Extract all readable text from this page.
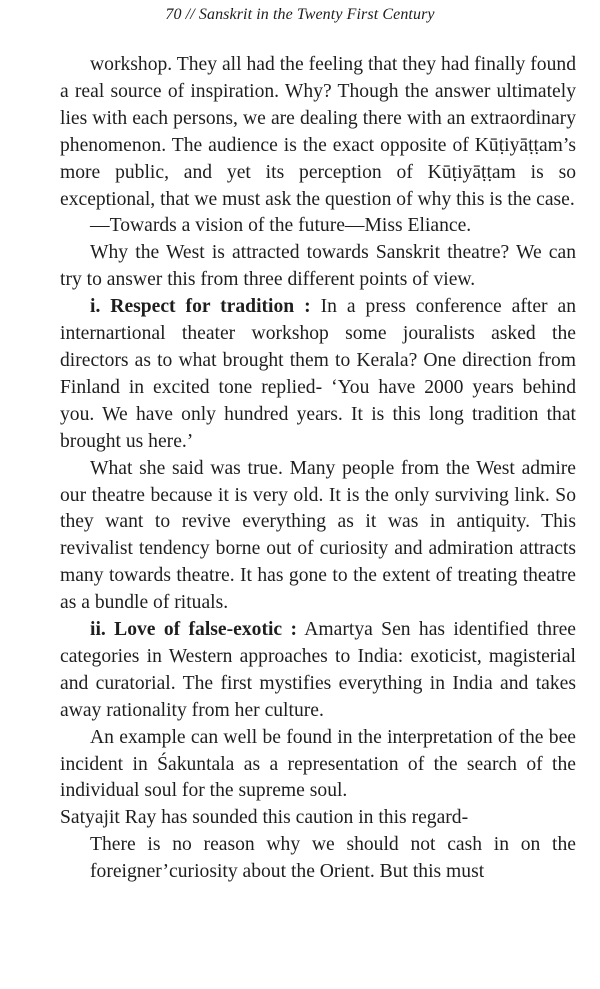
70 // Sanskrit in the Twenty First Century

workshop. They all had the feeling that they had finally found a real source of inspiration. Why? Though the answer ultimately lies with each persons, we are dealing there with an extraordinary phenomenon. The audience is the exact opposite of Kūṭiyāṭṭam’s more public, and yet its perception of Kūṭiyāṭṭam is so exceptional, that we must ask the question of why this is the case.

—Towards a vision of the future—Miss Eliance.

Why the West is attracted towards Sanskrit theatre? We can try to answer this from three different points of view.

i. Respect for tradition : In a press conference after an internartional theater workshop some jouralists asked the directors as to what brought them to Kerala? One direction from Finland in excited tone replied- ‘You have 2000 years behind you. We have only hundred years. It is this long tradition that brought us here.’

What she said was true. Many people from the West admire our theatre because it is very old. It is the only surviving link. So they want to revive everything as it was in antiquity. This revivalist tendency borne out of curiosity and admiration attracts many towards theatre. It has gone to the extent of treating theatre as a bundle of rituals.

ii. Love of false-exotic : Amartya Sen has identified three categories in Western approaches to India: exoticist, magisterial and curatorial. The first mystifies everything in India and takes away rationality from her culture.

An example can well be found in the interpretation of the bee incident in Śakuntala as a representation of the search of the individual soul for the supreme soul.

Satyajit Ray has sounded this caution in this regard-

There is no reason why we should not cash in on the foreigner’curiosity about the Orient. But this must
